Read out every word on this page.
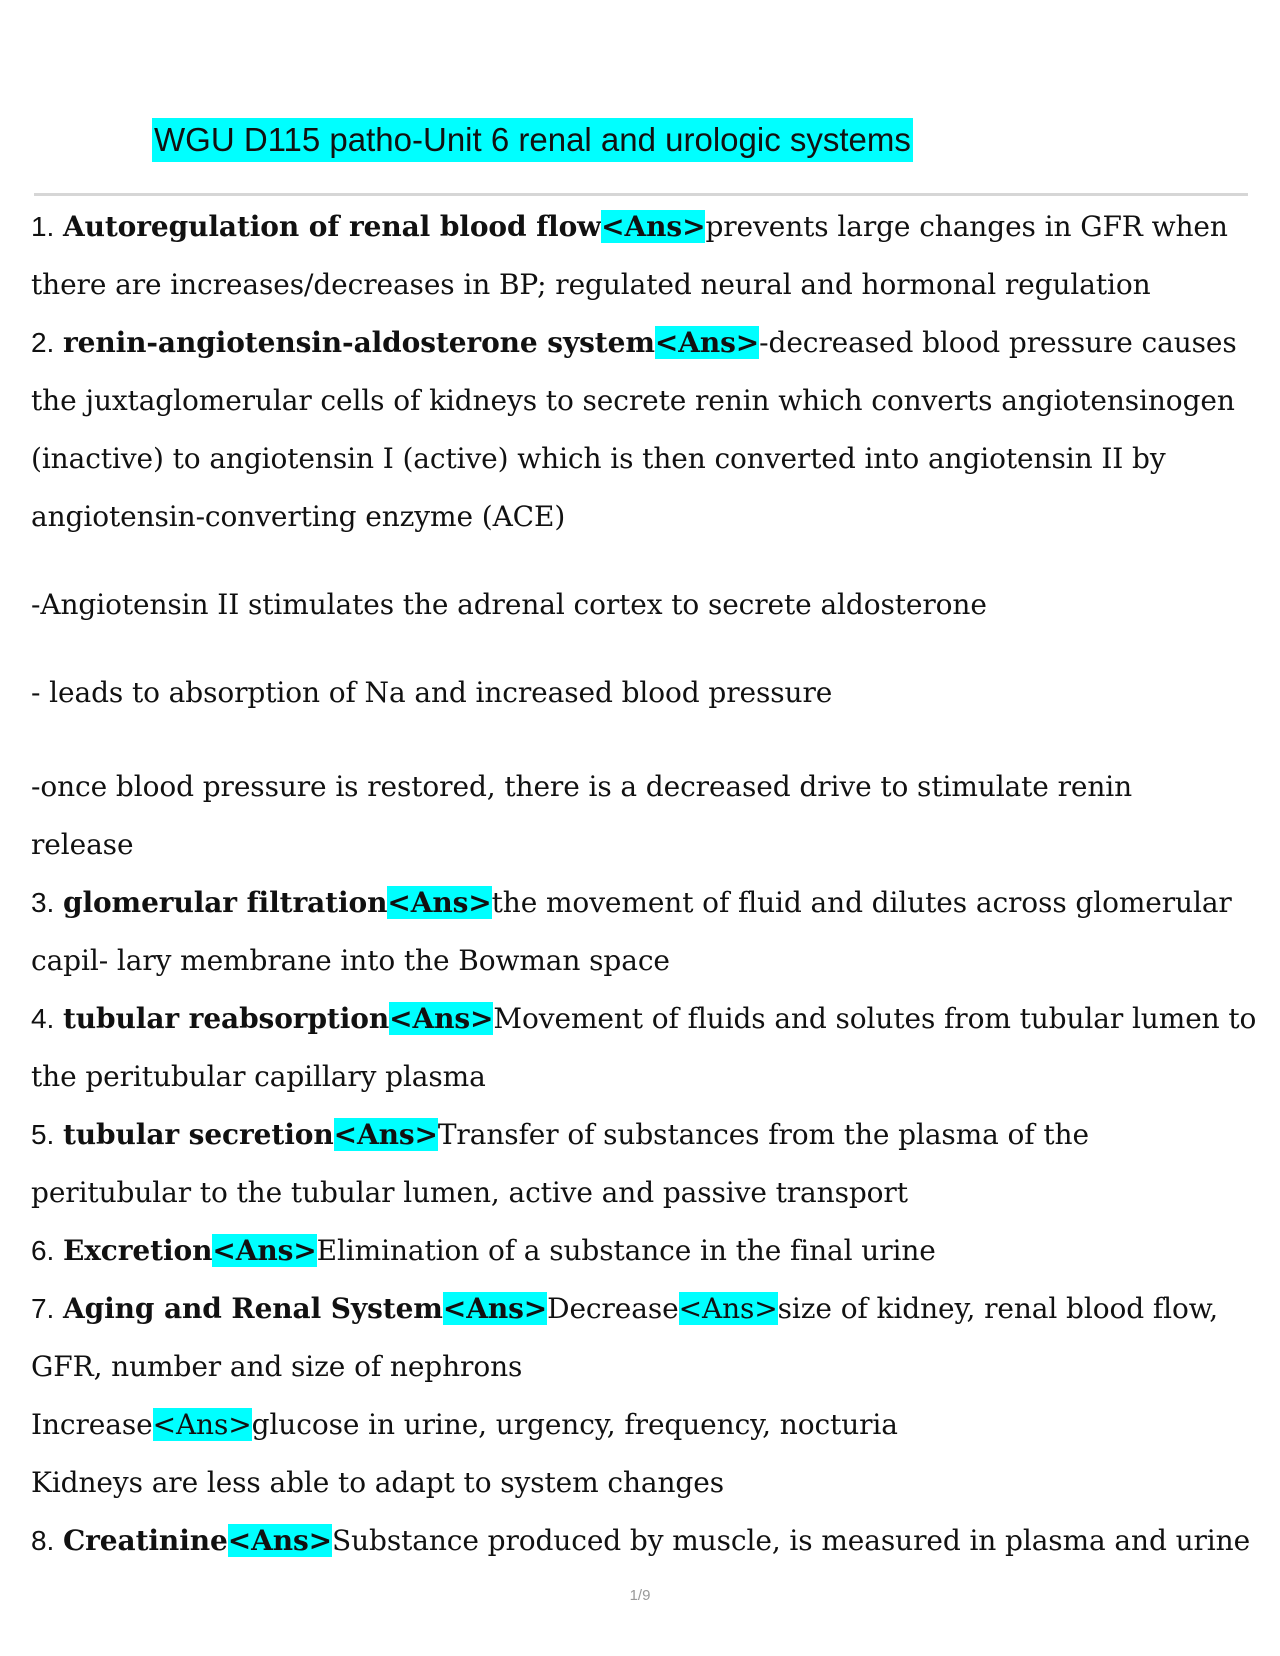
WGU D115 patho-Unit 6 renal and urologic systems

1. Autoregulation of renal blood flow<Ans>prevents large changes in GFR when

there are increases/decreases in BP; regulated neural and hormonal regulation

2. renin-angiotensin-aldosterone system<Ans>-decreased blood pressure causes

the juxtaglomerular cells of kidneys to secrete renin which converts angiotensinogen

(inactive) to angiotensin I (active) which is then converted into angiotensin II by

angiotensin-converting enzyme (ACE)

-Angiotensin II stimulates the adrenal cortex to secrete aldosterone

- leads to absorption of Na and increased blood pressure

-once blood pressure is restored, there is a decreased drive to stimulate renin

release

3. glomerular filtration<Ans>the movement of fluid and dilutes across glomerular

capil- lary membrane into the Bowman space

4. tubular reabsorption<Ans>Movement of fluids and solutes from tubular lumen to

the peritubular capillary plasma

5. tubular secretion<Ans>Transfer of substances from the plasma of the

peritubular to the tubular lumen, active and passive transport

6. Excretion<Ans>Elimination of a substance in the final urine

7. Aging and Renal System<Ans>Decrease<Ans>size of kidney, renal blood flow,

GFR, number and size of nephrons

Increase<Ans>glucose in urine, urgency, frequency, nocturia

Kidneys are less able to adapt to system changes

8. Creatinine<Ans>Substance produced by muscle, is measured in plasma and urine

1/9
